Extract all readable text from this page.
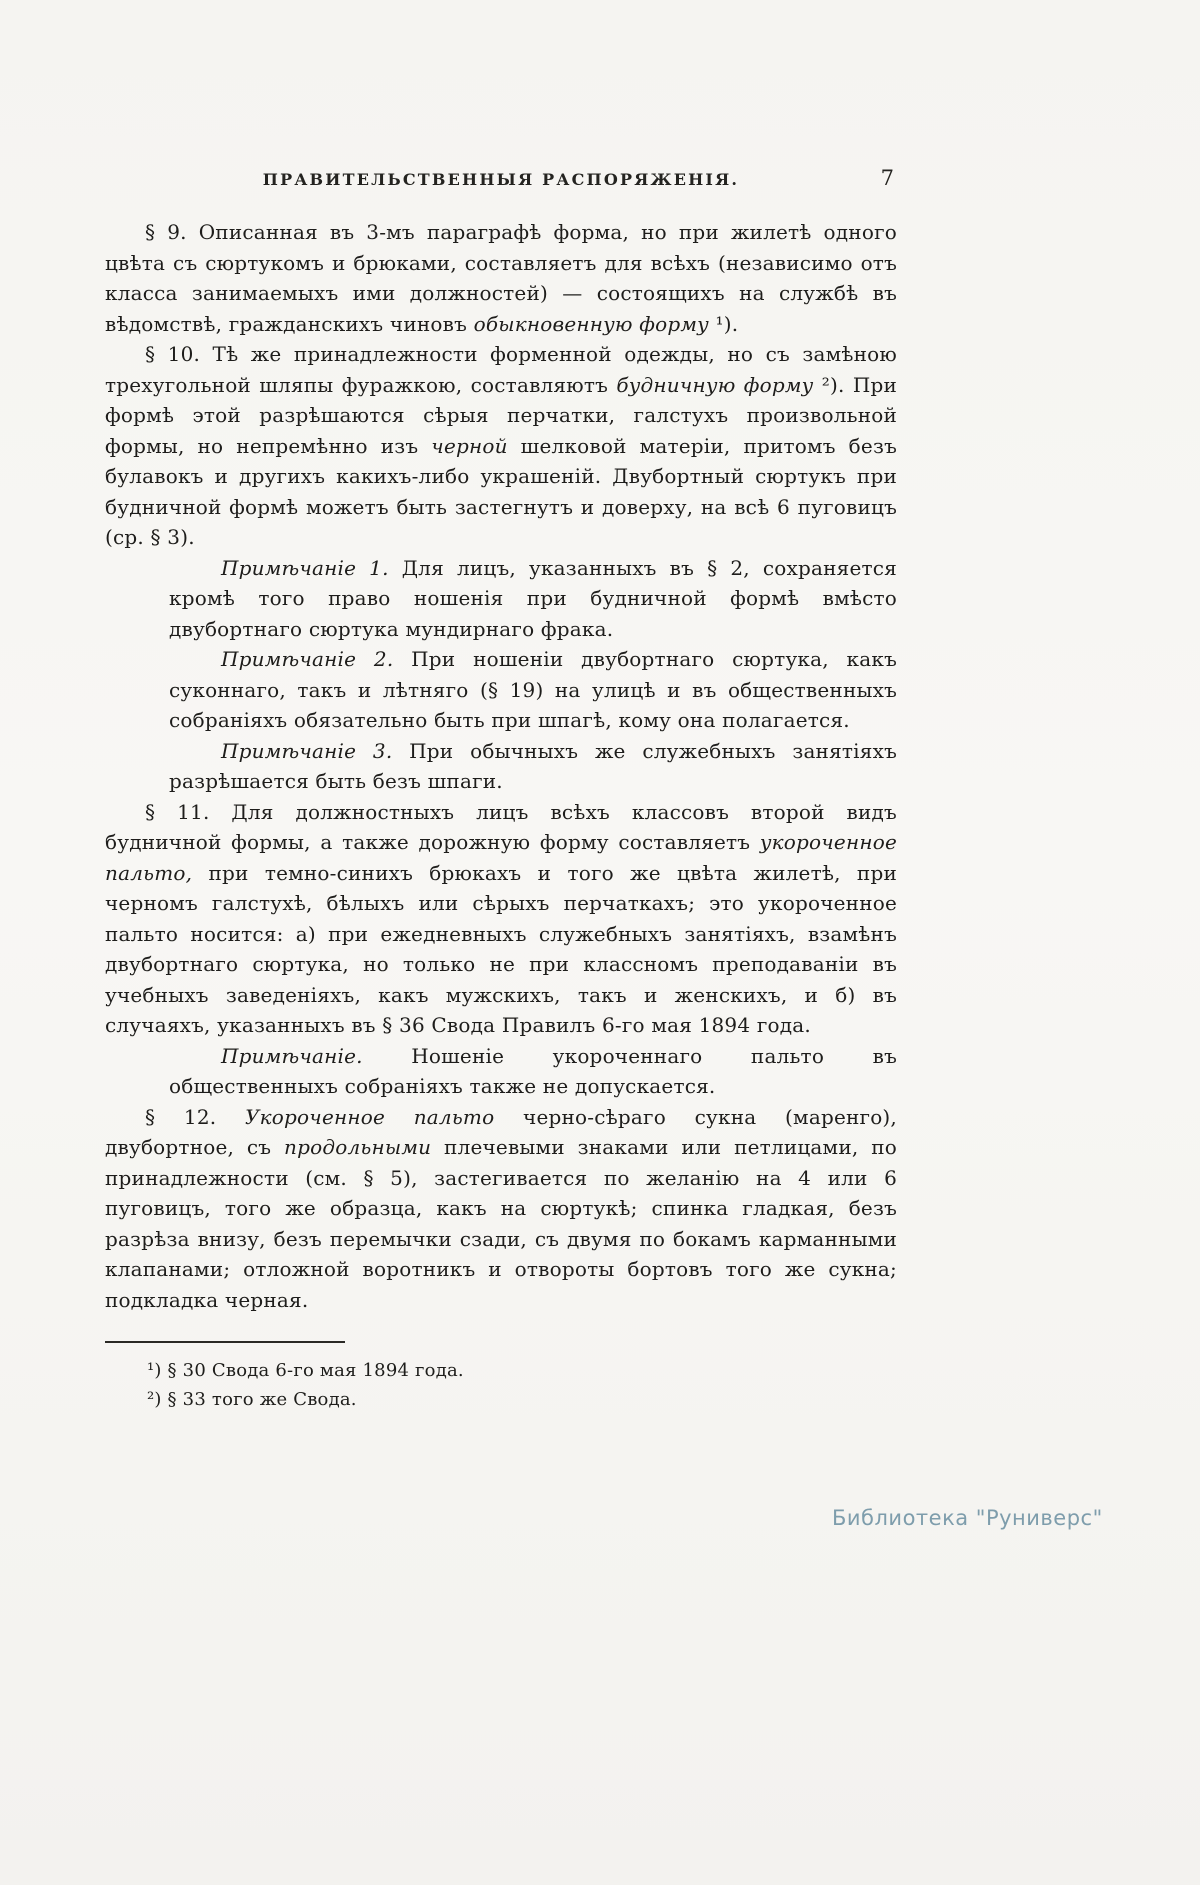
ПРАВИТЕЛЬСТВЕННЫЯ РАСПОРЯЖЕНІЯ.	7

§ 9. Описанная въ 3-мъ параграфѣ форма, но при жилетѣ одного цвѣта съ сюртукомъ и брюками, составляетъ для всѣхъ (независимо отъ класса занимаемыхъ ими должностей) — состоящихъ на службѣ въ вѣдомствѣ, гражданскихъ чиновъ обыкновенную форму ¹).

§ 10. Тѣ же принадлежности форменной одежды, но съ замѣною трехугольной шляпы фуражкою, составляютъ будничную форму ²). При формѣ этой разрѣшаются сѣрыя перчатки, галстухъ произвольной формы, но непремѣнно изъ черной шелковой матеріи, притомъ безъ булавокъ и другихъ какихъ-либо украшеній. Двубортный сюртукъ при будничной формѣ можетъ быть застегнутъ и доверху, на всѣ 6 пуговицъ (ср. § 3).

Примѣчаніе 1. Для лицъ, указанныхъ въ § 2, сохраняется кромѣ того право ношенія при будничной формѣ вмѣсто двубортнаго сюртука мундирнаго фрака.

Примѣчаніе 2. При ношеніи двубортнаго сюртука, какъ суконнаго, такъ и лѣтняго (§ 19) на улицѣ и въ общественныхъ собраніяхъ обязательно быть при шпагѣ, кому она полагается.

Примѣчаніе 3. При обычныхъ же служебныхъ занятіяхъ разрѣшается быть безъ шпаги.

§ 11. Для должностныхъ лицъ всѣхъ классовъ второй видъ будничной формы, а также дорожную форму составляетъ укороченное пальто, при темно-синихъ брюкахъ и того же цвѣта жилетѣ, при черномъ галстухѣ, бѣлыхъ или сѣрыхъ перчаткахъ; это укороченное пальто носится: а) при ежедневныхъ служебныхъ занятіяхъ, взамѣнъ двубортнаго сюртука, но только не при классномъ преподаваніи въ учебныхъ заведеніяхъ, какъ мужскихъ, такъ и женскихъ, и б) въ случаяхъ, указанныхъ въ § 36 Свода Правилъ 6-го мая 1894 года.

Примѣчаніе. Ношеніе укороченнаго пальто въ общественныхъ собраніяхъ также не допускается.

§ 12. Укороченное пальто черно-сѣраго сукна (маренго), двубортное, съ продольными плечевыми знаками или петлицами, по принадлежности (см. § 5), застегивается по желанію на 4 или 6 пуговицъ, того же образца, какъ на сюртукѣ; спинка гладкая, безъ разрѣза внизу, безъ перемычки сзади, съ двумя по бокамъ карманными клапанами; отложной воротникъ и отвороты бортовъ того же сукна; подкладка черная.

¹) § 30 Свода 6-го мая 1894 года.

²) § 33 того же Свода.

Библиотека "Руниверс"
